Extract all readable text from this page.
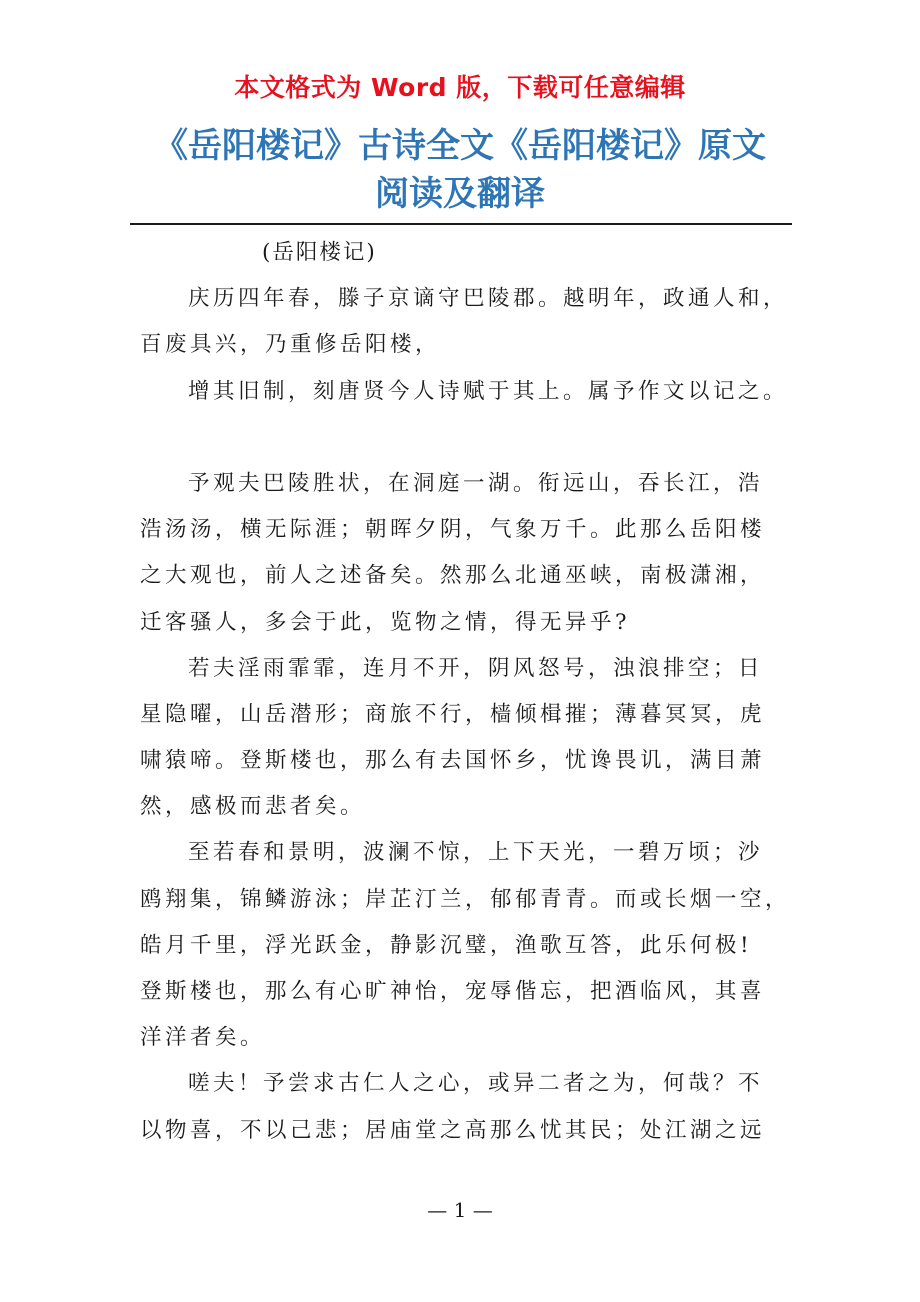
本文格式为 Word 版，下载可任意编辑
《岳阳楼记》古诗全文《岳阳楼记》原文
阅读及翻译
(岳阳楼记)
庆历四年春，滕子京谪守巴陵郡。越明年，政通人和，
百废具兴，乃重修岳阳楼，
增其旧制，刻唐贤今人诗赋于其上。属予作文以记之。
予观夫巴陵胜状，在洞庭一湖。衔远山，吞长江，浩
浩汤汤，横无际涯；朝晖夕阴，气象万千。此那么岳阳楼
之大观也，前人之述备矣。然那么北通巫峡，南极潇湘，
迁客骚人，多会于此，览物之情，得无异乎?
若夫淫雨霏霏，连月不开，阴风怒号，浊浪排空；日
星隐曜，山岳潜形；商旅不行，樯倾楫摧；薄暮冥冥，虎
啸猿啼。登斯楼也，那么有去国怀乡，忧谗畏讥，满目萧
然，感极而悲者矣。
至若春和景明，波澜不惊，上下天光，一碧万顷；沙
鸥翔集，锦鳞游泳；岸芷汀兰，郁郁青青。而或长烟一空，
皓月千里，浮光跃金，静影沉璧，渔歌互答，此乐何极!
登斯楼也，那么有心旷神怡，宠辱偕忘，把酒临风，其喜
洋洋者矣。
嗟夫！予尝求古仁人之心，或异二者之为，何哉？不
以物喜，不以己悲；居庙堂之高那么忧其民；处江湖之远
— 1 —
